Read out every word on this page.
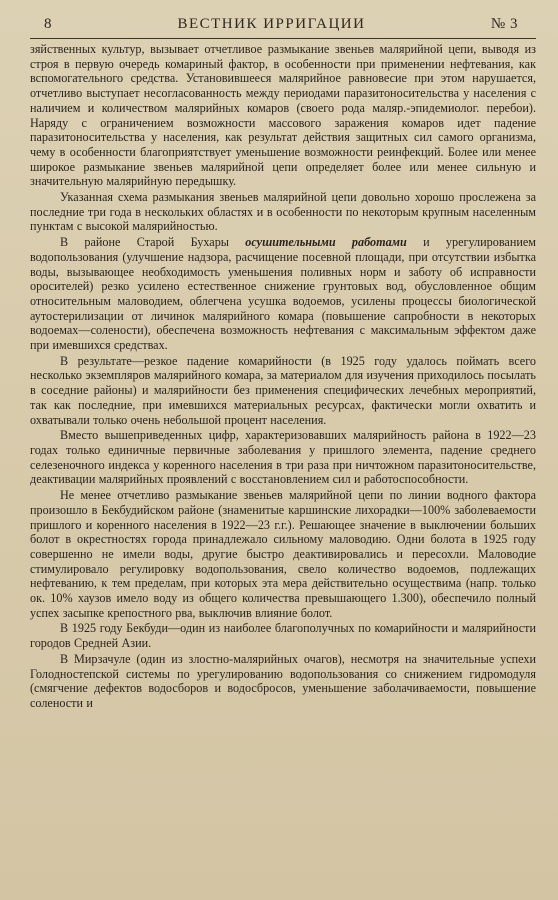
8	ВЕСТНИК ИРРИГАЦИИ	№ 3

зяйственных культур, вызывает отчетливое размыкание звеньев малярийной цепи, выводя из строя в первую очередь комариный фактор, в особенности при применении нефтевания, как вспомогательного средства. Установившееся малярийное равновесие при этом нарушается, отчетливо выступает несогласованность между периодами паразитоносительства у населения с наличием и количеством малярийных комаров (своего рода маляр.-эпидемиолог. перебои). Наряду с ограничением возможности массового заражения комаров идет падение паразитоносительства у населения, как результат действия защитных сил самого организма, чему в особенности благоприятствует уменьшение возможности реинфекций. Более или менее широкое размыкание звеньев малярийной цепи определяет более или менее сильную и значительную малярийную передышку.

Указанная схема размыкания звеньев малярийной цепи довольно хорошо прослежена за последние три года в нескольких областях и в особенности по некоторым крупным населенным пунктам с высокой малярийностью.

В районе Старой Бухары осушительными работами и урегулированием водопользования (улучшение надзора, расчищение посевной площади, при отсутствии избытка воды, вызывающее необходимость уменьшения поливных норм и заботу об исправности оросителей) резко усилено естественное снижение грунтовых вод, обусловленное общим относительным маловодием, облегчена усушка водоемов, усилены процессы биологической аутостерилизации от личинок малярийного комара (повышение сапробности в некоторых водоемах—солености), обеспечена возможность нефтевания с максимальным эффектом даже при имевшихся средствах.

В результате—резкое падение комарийности (в 1925 году удалось поймать всего несколько экземпляров малярийного комара, за материалом для изучения приходилось посылать в соседние районы) и малярийности без применения специфических лечебных мероприятий, так как последние, при имевшихся материальных ресурсах, фактически могли охватить и охватывали только очень небольшой процент населения.

Вместо вышеприведенных цифр, характеризовавших малярийность района в 1922—23 годах только единичные первичные заболевания у пришлого элемента, падение среднего селезеночного индекса у коренного населения в три раза при ничтожном паразитоносительстве, деактивации малярийных проявлений с восстановлением сил и работоспособности.

Не менее отчетливо размыкание звеньев малярийной цепи по линии водного фактора произошло в Бекбудийском районе (знаменитые каршинские лихорадки—100% заболеваемости пришлого и коренного населения в 1922—23 г.г.). Решающее значение в выключении больших болот в окрестностях города принадлежало сильному маловодию. Одни болота в 1925 году совершенно не имели воды, другие быстро деактивировались и пересохли. Маловодие стимулировало регулировку водопользования, свело количество водоемов, подлежащих нефтеванию, к тем пределам, при которых эта мера действительно осуществима (напр. только ок. 10% хаузов имело воду из общего количества превышающего 1.300), обеспечило полный успех засыпке крепостного рва, выключив влияние болот.

В 1925 году Бекбуди—один из наиболее благополучных по комарийности и малярийности городов Средней Азии.

В Мирзачуле (один из злостно-малярийных очагов), несмотря на значительные успехи Голодностепской системы по урегулированию водопользования со снижением гидромодуля (смягчение дефектов водосборов и водосбросов, уменьшение заболачиваемости, повышение солености и
